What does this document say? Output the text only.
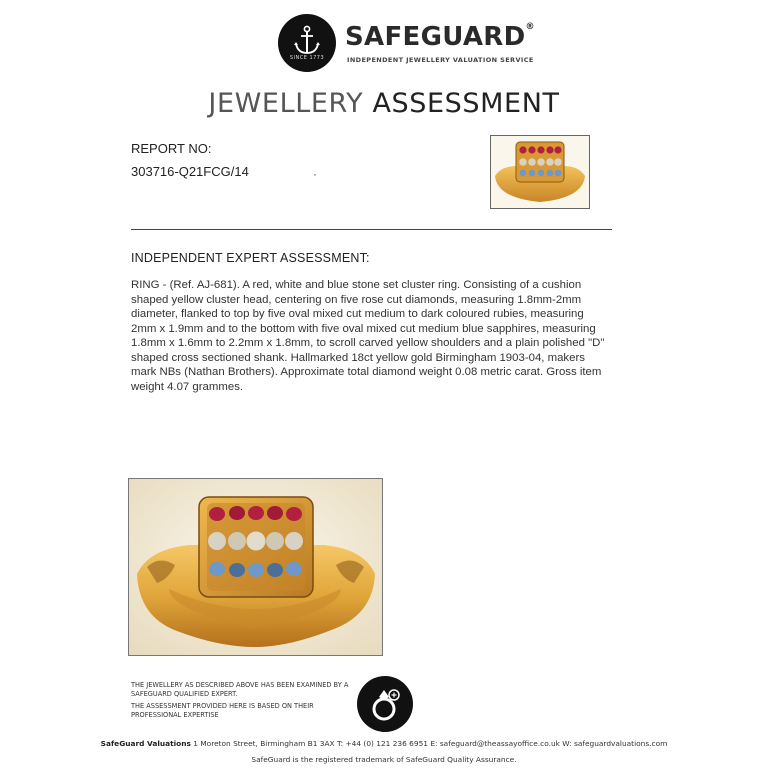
SINCE 1773
SAFEGUARD®
INDEPENDENT JEWELLERY VALUATION SERVICE
JEWELLERY ASSESSMENT
REPORT NO:
303716-Q21FCG/14	·
INDEPENDENT EXPERT ASSESSMENT:
RING - (Ref. AJ-681). A red, white and blue stone set cluster ring. Consisting of a cushion shaped yellow cluster head, centering on five rose cut diamonds, measuring 1.8mm-2mm diameter, flanked to top by five oval mixed cut medium to dark coloured rubies, measuring 2mm x 1.9mm and to the bottom with five oval mixed cut medium blue sapphires, measuring 1.8mm x 1.6mm to 2.2mm x 1.8mm, to scroll carved yellow shoulders and a plain polished "D" shaped cross sectioned shank. Hallmarked 18ct yellow gold Birmingham 1903-04, makers mark NBs (Nathan Brothers). Approximate total diamond weight 0.08 metric carat. Gross item weight 4.07 grammes.
THE JEWELLERY AS DESCRIBED ABOVE HAS BEEN EXAMINED BY A SAFEGUARD QUALIFIED EXPERT.
THE ASSESSMENT PROVIDED HERE IS BASED ON THEIR PROFESSIONAL EXPERTISE
SafeGuard Valuations 1 Moreton Street, Birmingham B1 3AX T: +44 (0) 121 236 6951 E: safeguard@theassayoffice.co.uk W: safeguardvaluations.com
SafeGuard is the registered trademark of SafeGuard Quality Assurance.
